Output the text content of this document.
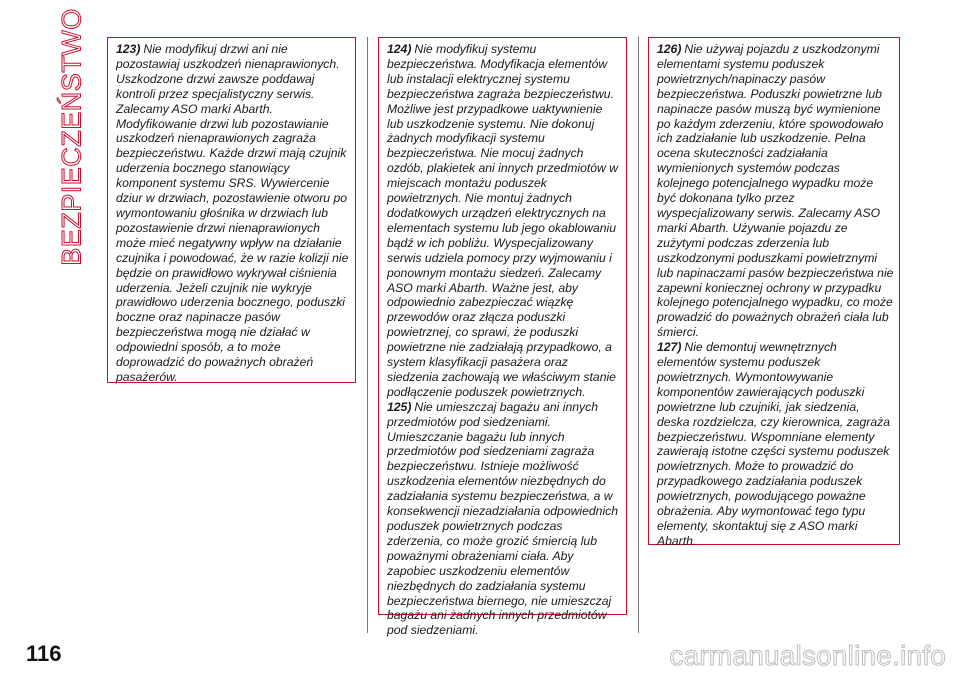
BEZPIECZEŃSTWO 123) Nie modyfikuj drzwi ani nie pozostawiaj uszkodzeń nienaprawionych. Uszkodzone drzwi zawsze poddawaj kontroli przez specjalistyczny serwis. Zalecamy ASO marki Abarth. Modyfikowanie drzwi lub pozostawianie uszkodzeń nienaprawionych zagraża bezpieczeństwu. Każde drzwi mają czujnik uderzenia bocznego stanowiący komponent systemu SRS. Wywiercenie dziur w drzwiach, pozostawienie otworu po wymontowaniu głośnika w drzwiach lub pozostawienie drzwi nienaprawionych może mieć negatywny wpływ na działanie czujnika i powodować, że w razie kolizji nie będzie on prawidłowo wykrywał ciśnienia uderzenia. Jeżeli czujnik nie wykryje prawidłowo uderzenia bocznego, poduszki boczne oraz napinacze pasów bezpieczeństwa mogą nie działać w odpowiedni sposób, a to może doprowadzić do poważnych obrażeń pasażerów.

124) Nie modyfikuj systemu bezpieczeństwa. Modyfikacja elementów lub instalacji elektrycznej systemu bezpieczeństwa zagraża bezpieczeństwu. Możliwe jest przypadkowe uaktywnienie lub uszkodzenie systemu. Nie dokonuj żadnych modyfikacji systemu bezpieczeństwa. Nie mocuj żadnych ozdób, plakietek ani innych przedmiotów w miejscach montażu poduszek powietrznych. Nie montuj żadnych dodatkowych urządzeń elektrycznych na elementach systemu lub jego okablowaniu bądź w ich pobliżu. Wyspecjalizowany serwis udziela pomocy przy wyjmowaniu i ponownym montażu siedzeń. Zalecamy ASO marki Abarth. Ważne jest, aby odpowiednio zabezpieczać wiązkę przewodów oraz złącza poduszki powietrznej, co sprawi, że poduszki powietrzne nie zadziałają przypadkowo, a system klasyfikacji pasażera oraz siedzenia zachowają we właściwym stanie podłączenie poduszek powietrznych.

125) Nie umieszczaj bagażu ani innych przedmiotów pod siedzeniami. Umieszczanie bagażu lub innych przedmiotów pod siedzeniami zagraża bezpieczeństwu. Istnieje możliwość uszkodzenia elementów niezbędnych do zadziałania systemu bezpieczeństwa, a w konsekwencji niezadziałania odpowiednich poduszek powietrznych podczas zderzenia, co może grozić śmiercią lub poważnymi obrażeniami ciała. Aby zapobiec uszkodzeniu elementów niezbędnych do zadziałania systemu bezpieczeństwa biernego, nie umieszczaj bagażu ani żadnych innych przedmiotów pod siedzeniami.

126) Nie używaj pojazdu z uszkodzonymi elementami systemu poduszek powietrznych/napinaczy pasów bezpieczeństwa. Poduszki powietrzne lub napinacze pasów muszą być wymienione po każdym zderzeniu, które spowodowało ich zadziałanie lub uszkodzenie. Pełna ocena skuteczności zadziałania wymienionych systemów podczas kolejnego potencjalnego wypadku może być dokonana tylko przez wyspecjalizowany serwis. Zalecamy ASO marki Abarth. Używanie pojazdu ze zużytymi podczas zderzenia lub uszkodzonymi poduszkami powietrznymi lub napinaczami pasów bezpieczeństwa nie zapewni koniecznej ochrony w przypadku kolejnego potencjalnego wypadku, co może prowadzić do poważnych obrażeń ciała lub śmierci.

127) Nie demontuj wewnętrznych elementów systemu poduszek powietrznych. Wymontowywanie komponentów zawierających poduszki powietrzne lub czujniki, jak siedzenia, deska rozdzielcza, czy kierownica, zagraża bezpieczeństwu. Wspomniane elementy zawierają istotne części systemu poduszek powietrznych. Może to prowadzić do przypadkowego zadziałania poduszek powietrznych, powodującego poważne obrażenia. Aby wymontować tego typu elementy, skontaktuj się z ASO marki Abarth.

116	carmanualsonline.info
